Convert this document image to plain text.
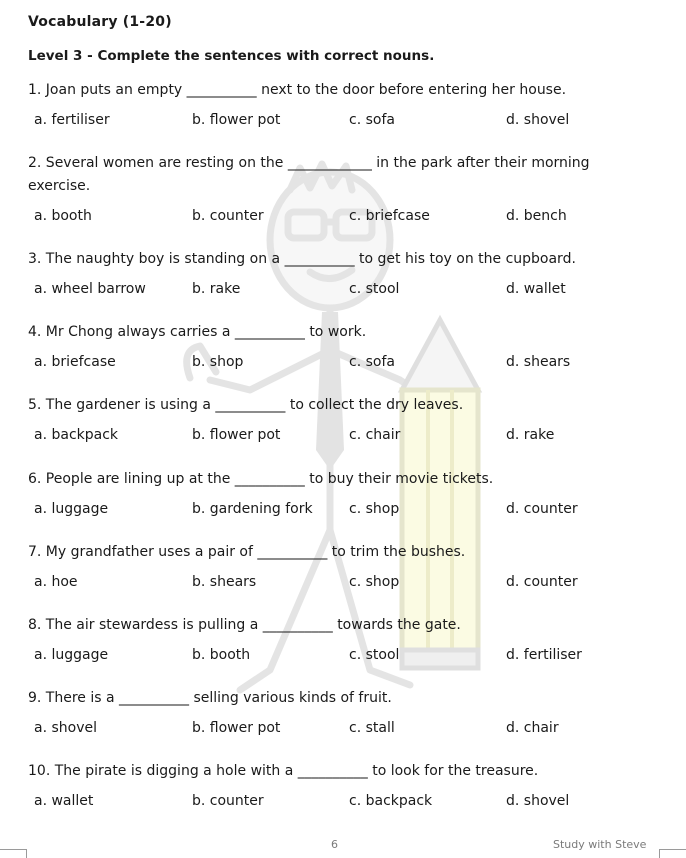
Vocabulary (1-20)
Level 3 - Complete the sentences with correct nouns.
1. Joan puts an empty __________ next to the door before entering her house.
a. fertiliser	b. flower pot	c. sofa	d. shovel
2. Several women are resting on the ____________ in the park after their morning exercise.
a. booth	b. counter	c. briefcase	d. bench
3. The naughty boy is standing on a __________ to get his toy on the cupboard.
a. wheel barrow	b. rake	c. stool	d. wallet
4. Mr Chong always carries a __________ to work.
a. briefcase	b. shop	c. sofa	d. shears
5. The gardener is using a __________ to collect the dry leaves.
a. backpack	b. flower pot	c. chair	d. rake
6. People are lining up at the __________ to buy their movie tickets.
a. luggage	b. gardening fork	c. shop	d. counter
7. My grandfather uses a pair of __________ to trim the bushes.
a. hoe	b. shears	c. shop	d. counter
8. The air stewardess is pulling a __________ towards the gate.
a. luggage	b. booth	c. stool	d. fertiliser
9. There is a __________ selling various kinds of fruit.
a. shovel	b. flower pot	c. stall	d. chair
10. The pirate is digging a hole with a __________ to look for the treasure.
a. wallet	b. counter	c. backpack	d. shovel
6	Study with Steve
